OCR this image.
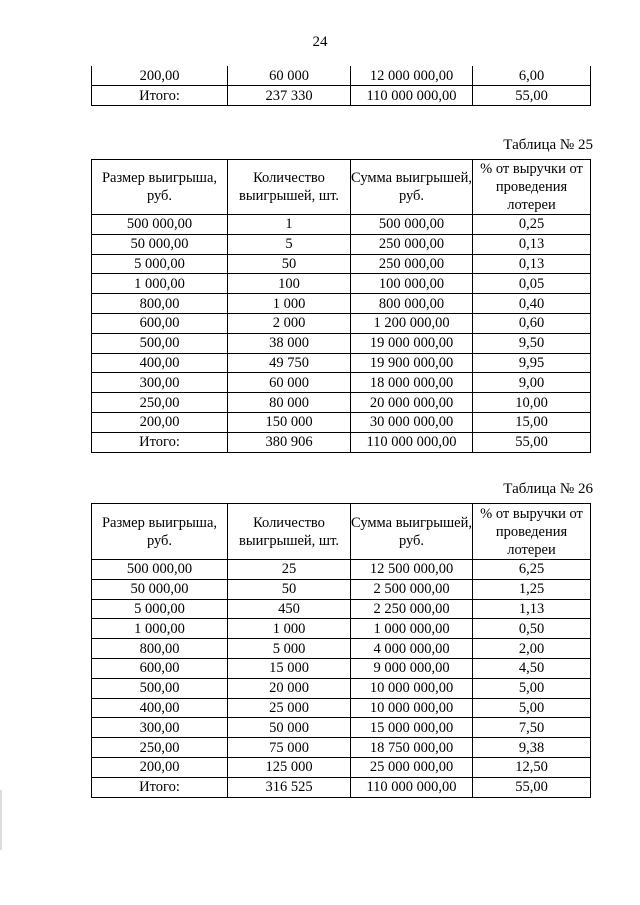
24
200,00	60 000	12 000 000,00	6,00
Итого:	237 330	110 000 000,00	55,00
Таблица № 25
Размер выигрыша, руб.	Количество выигрышей, шт.	Сумма выигрышей, руб.	% от выручки от проведения лотереи
500 000,00	1	500 000,00	0,25
50 000,00	5	250 000,00	0,13
5 000,00	50	250 000,00	0,13
1 000,00	100	100 000,00	0,05
800,00	1 000	800 000,00	0,40
600,00	2 000	1 200 000,00	0,60
500,00	38 000	19 000 000,00	9,50
400,00	49 750	19 900 000,00	9,95
300,00	60 000	18 000 000,00	9,00
250,00	80 000	20 000 000,00	10,00
200,00	150 000	30 000 000,00	15,00
Итого:	380 906	110 000 000,00	55,00
Таблица № 26
Размер выигрыша, руб.	Количество выигрышей, шт.	Сумма выигрышей, руб.	% от выручки от проведения лотереи
500 000,00	25	12 500 000,00	6,25
50 000,00	50	2 500 000,00	1,25
5 000,00	450	2 250 000,00	1,13
1 000,00	1 000	1 000 000,00	0,50
800,00	5 000	4 000 000,00	2,00
600,00	15 000	9 000 000,00	4,50
500,00	20 000	10 000 000,00	5,00
400,00	25 000	10 000 000,00	5,00
300,00	50 000	15 000 000,00	7,50
250,00	75 000	18 750 000,00	9,38
200,00	125 000	25 000 000,00	12,50
Итого:	316 525	110 000 000,00	55,00
